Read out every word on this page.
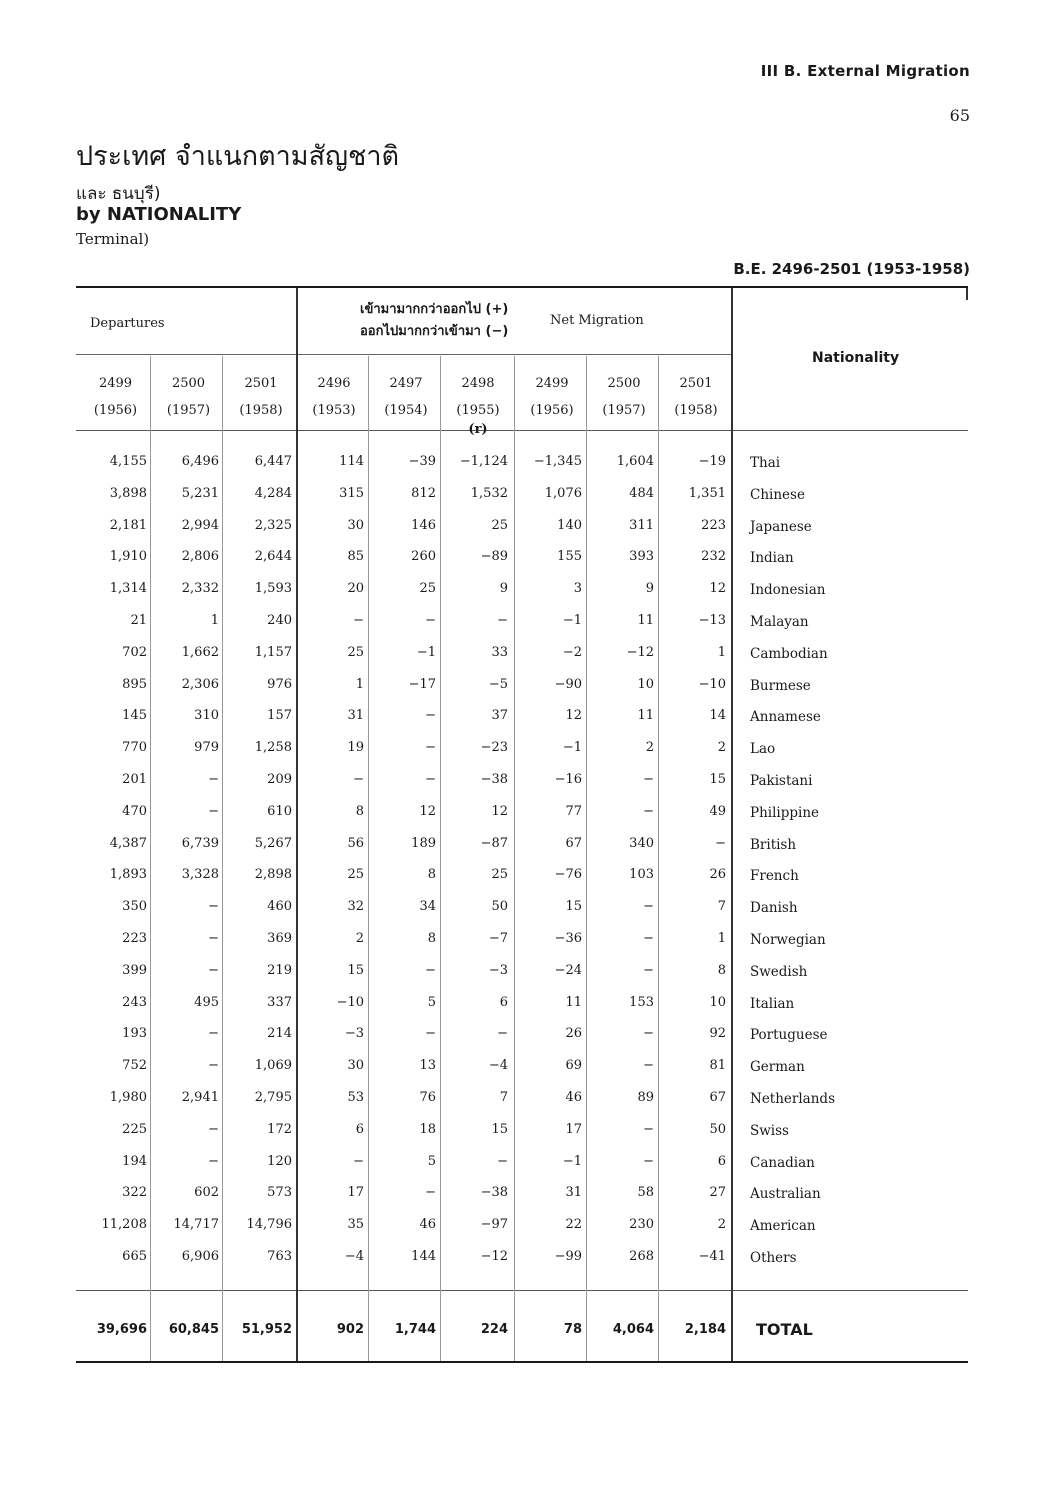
III B. External Migration
65
ประเทศ จำแนกตามสัญชาติ
และ ธนบุรี)
by NATIONALITY
Terminal)
B.E. 2496-2501 (1953-1958)
Departures
เข้ามามากกว่าออกไป (+)
ออกไปมากกว่าเข้ามา (−)
Net Migration
Nationality
2499
(1956)
2500
(1957)
2501
(1958)
2496
(1953)
2497
(1954)
2498
(1955)
(r)
2499
(1956)
2500
(1957)
2501
(1958)
4,155	6,496	6,447	114	−39 −1,124 −1,345	1,604	−19 Thai
3,898	5,231	4,284	315	812	1,532	1,076	484	1,351 Chinese
2,181	2,994	2,325	30	146	25	140	311	223 Japanese
1,910	2,806	2,644	85	260	−89	155	393	232 Indian
1,314	2,332	1,593	20	25	9	3	9	12 Indonesian
21	1	240	−	−	−	−1	11	−13 Malayan
702	1,662	1,157	25	−1	33	−2	−12	1 Cambodian
895	2,306	976	1	−17	−5	−90	10	−10 Burmese
145	310	157	31	−	37	12	11	14 Annamese
770	979	1,258	19	−	−23	−1	2	2 Lao
201	−	209	−	−	−38	−16	−	15 Pakistani
470	−	610	8	12	12	77	−	49 Philippine
4,387	6,739	5,267	56	189	−87	67	340	− British
1,893	3,328	2,898	25	8	25	−76	103	26 French
350	−	460	32	34	50	15	−	7 Danish
223	−	369	2	8	−7	−36	−	1 Norwegian
399	−	219	15	−	−3	−24	−	8 Swedish
243	495	337	−10	5	6	11	153	10 Italian
193	−	214	−3	−	−	26	−	92 Portuguese
752	−	1,069	30	13	−4	69	−	81 German
1,980	2,941	2,795	53	76	7	46	89	67 Netherlands
225	−	172	6	18	15	17	−	50 Swiss
194	−	120	−	5	−	−1	−	6 Canadian
322	602	573	17	−	−38	31	58	27 Australian
11,208 14,717 14,796	35	46	−97	22	230	2 American
665	6,906	763	−4	144	−12	−99	268	−41 Others
39,696 60,845 51,952	902 1,744	224	78 4,064 2,184 TOTAL
